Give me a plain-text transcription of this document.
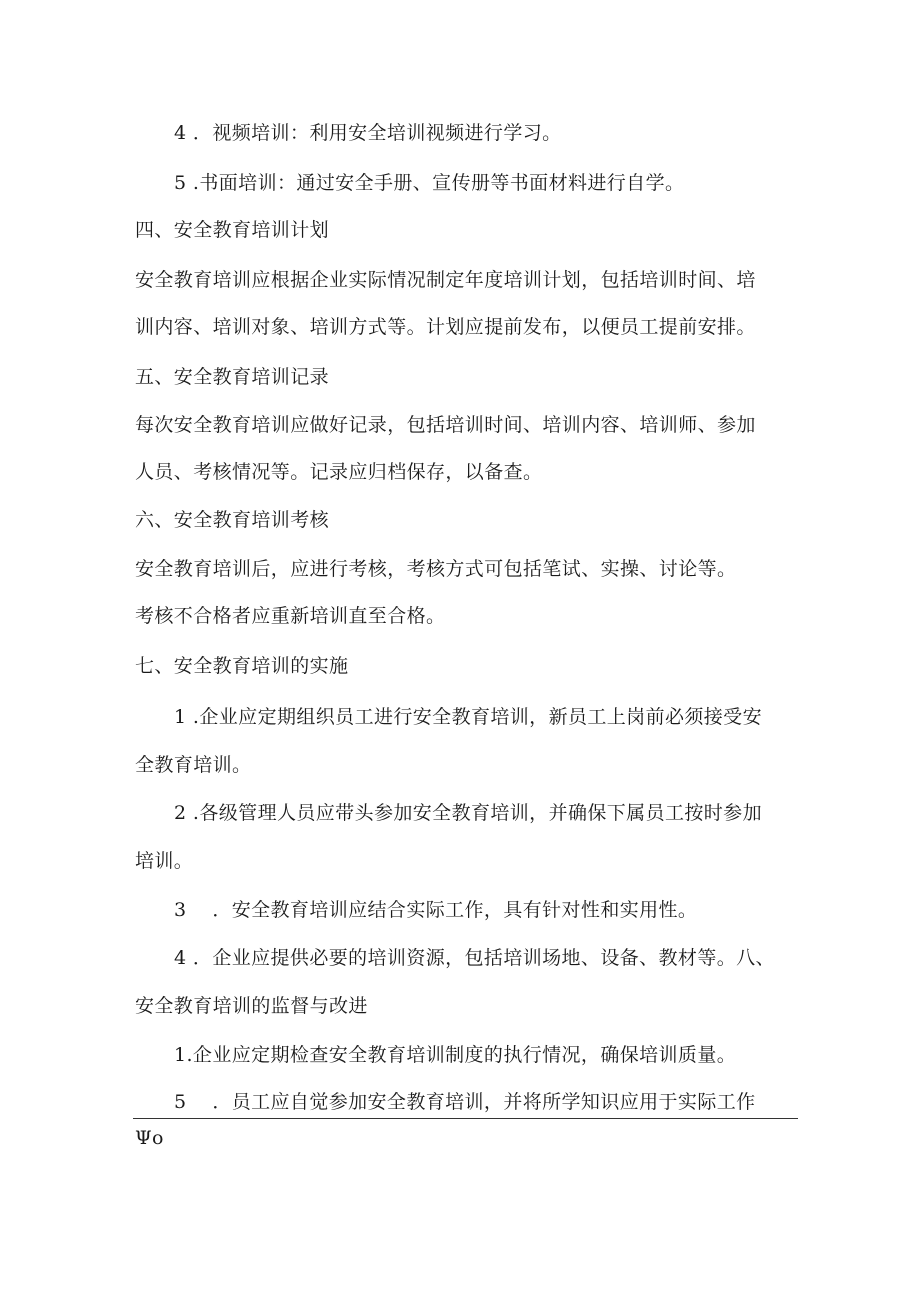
4 ．视频培训：利用安全培训视频进行学习。
5 .书面培训：通过安全手册、宣传册等书面材料进行自学。
四、安全教育培训计划
安全教育培训应根据企业实际情况制定年度培训计划，包括培训时间、培
训内容、培训对象、培训方式等。计划应提前发布，以便员工提前安排。
五、安全教育培训记录
每次安全教育培训应做好记录，包括培训时间、培训内容、培训师、参加
人员、考核情况等。记录应归档保存，以备查。
六、安全教育培训考核
安全教育培训后，应进行考核，考核方式可包括笔试、实操、讨论等。
考核不合格者应重新培训直至合格。
七、安全教育培训的实施
1 .企业应定期组织员工进行安全教育培训，新员工上岗前必须接受安
全教育培训。
2 .各级管理人员应带头参加安全教育培训，并确保下属员工按时参加
培训。
3　 ．安全教育培训应结合实际工作，具有针对性和实用性。
4 ．企业应提供必要的培训资源，包括培训场地、设备、教材等。八、
安全教育培训的监督与改进
1.企业应定期检查安全教育培训制度的执行情况，确保培训质量。
5　 ．员工应自觉参加安全教育培训，并将所学知识应用于实际工作
Ψo
